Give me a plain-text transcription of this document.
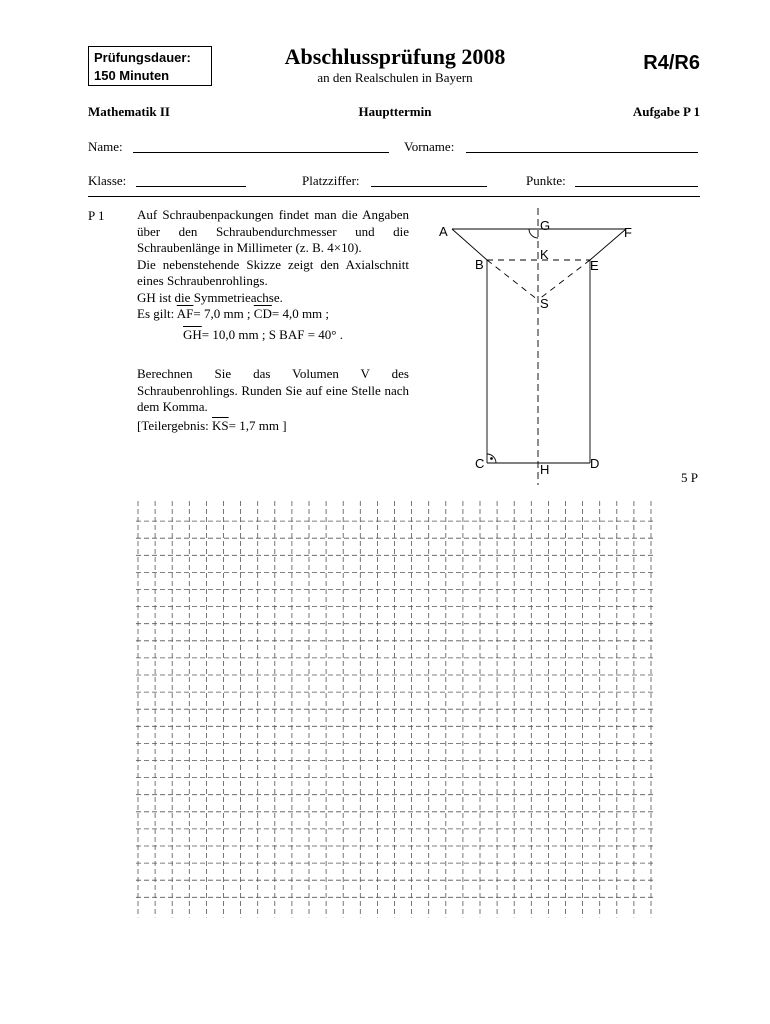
Prüfungsdauer:
150 Minuten
Abschlussprüfung 2008
an den Realschulen in Bayern
R4/R6
Mathematik II	Haupttermin	Aufgabe P 1
Name:	Vorname:
Klasse:	Platzziffer:	Punkte:
P 1	Auf Schraubenpackungen findet man die Angaben über den Schraubendurchmesser und die Schraubenlänge in Millimeter (z. B. 4×10).

Die nebenstehende Skizze zeigt den Axialschnitt eines Schraubenrohlings.

GH ist die Symmetrieachse.

Es gilt: $\overline{AF}= 7,0$ mm ; $\overline{CD}= 4,0$ mm ;

$\overline{GH}= 10,0$ mm ; S BAF = 40° .

Berechnen Sie das Volumen V des Schraubenrohlings. Runden Sie auf eine Stelle nach dem Komma.

[Teilergebnis: $\overline{KS}= 1,7$ mm ]

A	G	F
B
K
E
S
C	H	D
5 P
